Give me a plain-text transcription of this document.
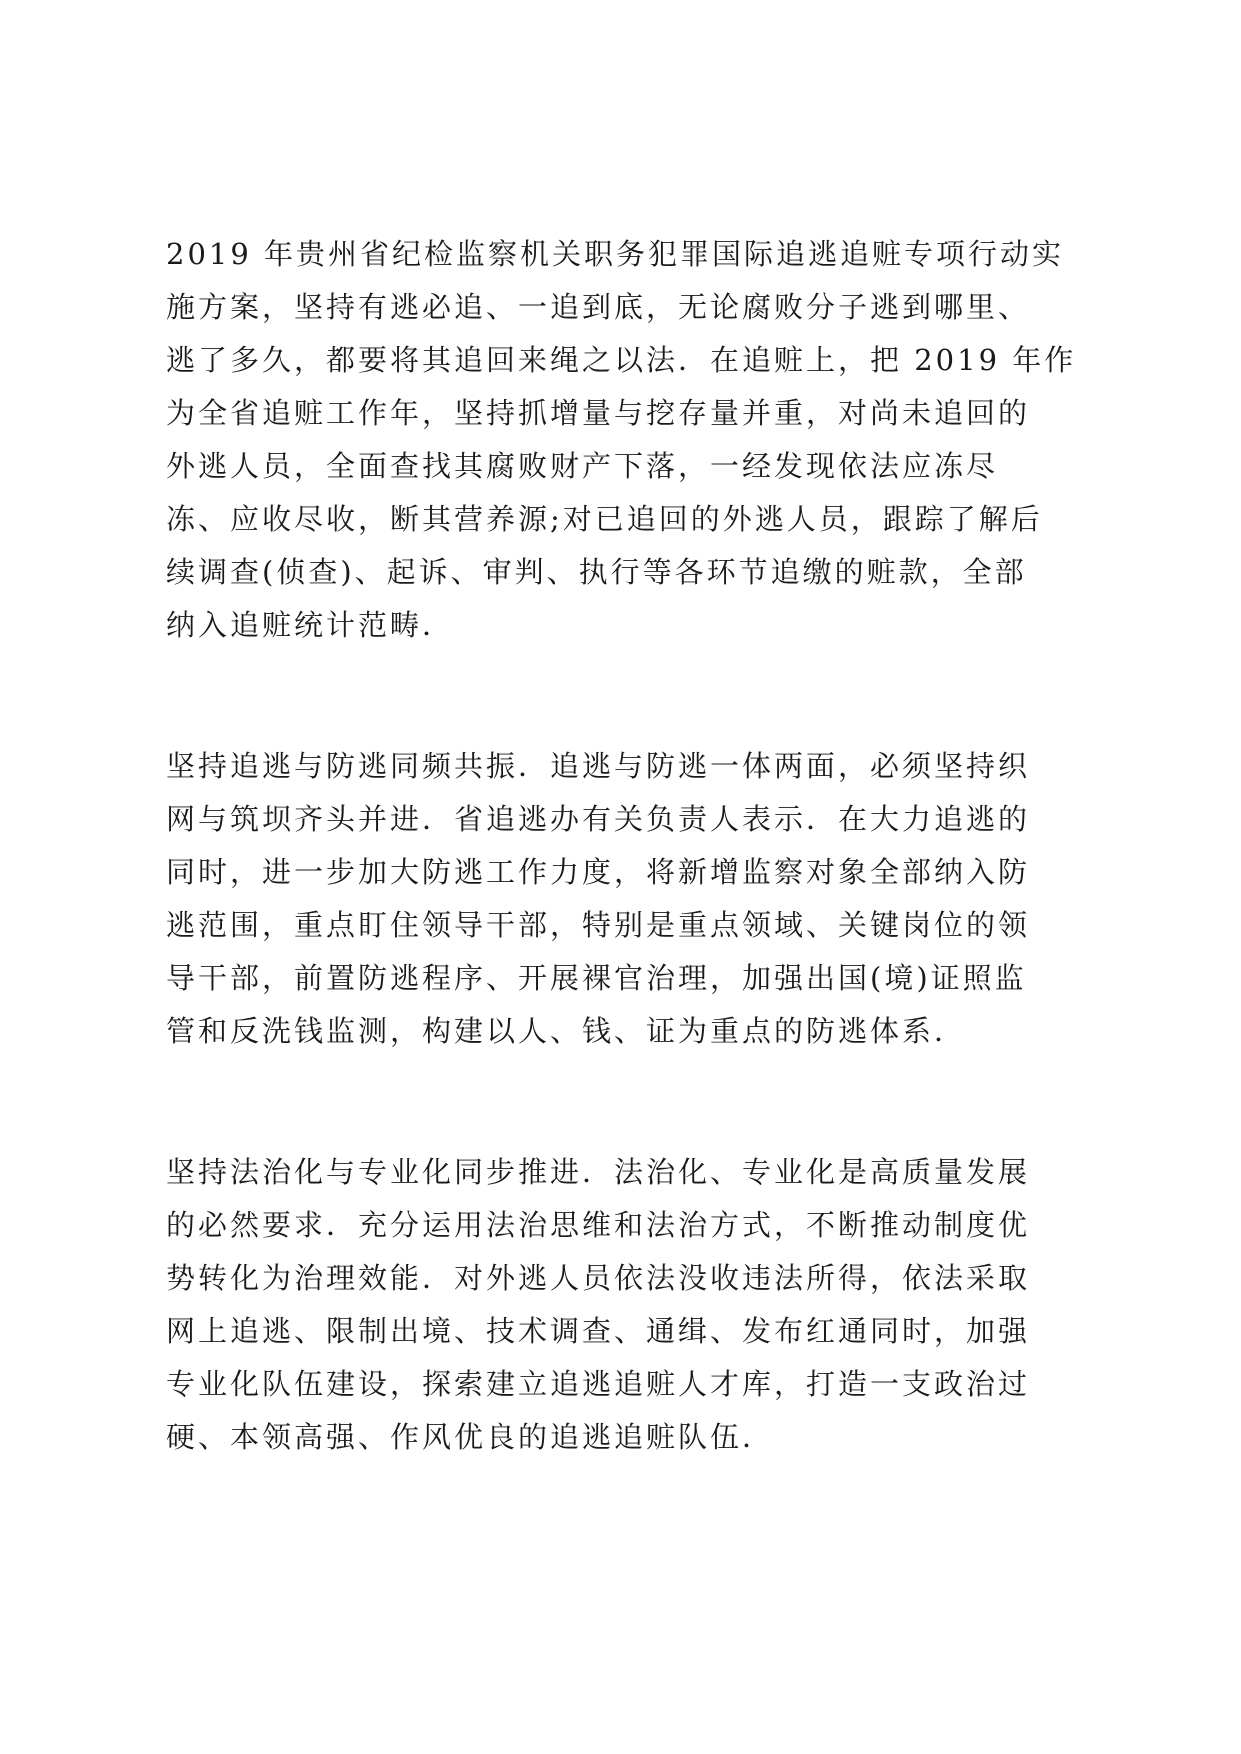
2019 年贵州省纪检监察机关职务犯罪国际追逃追赃专项行动实
施方案，坚持有逃必追、一追到底，无论腐败分子逃到哪里、
逃了多久，都要将其追回来绳之以法．在追赃上，把 2019 年作
为全省追赃工作年，坚持抓增量与挖存量并重，对尚未追回的
外逃人员，全面查找其腐败财产下落，一经发现依法应冻尽
冻、应收尽收，断其营养源;对已追回的外逃人员，跟踪了解后
续调查(侦查)、起诉、审判、执行等各环节追缴的赃款，全部
纳入追赃统计范畴．
坚持追逃与防逃同频共振．追逃与防逃一体两面，必须坚持织
网与筑坝齐头并进．省追逃办有关负责人表示．在大力追逃的
同时，进一步加大防逃工作力度，将新增监察对象全部纳入防
逃范围，重点盯住领导干部，特别是重点领域、关键岗位的领
导干部，前置防逃程序、开展裸官治理，加强出国(境)证照监
管和反洗钱监测，构建以人、钱、证为重点的防逃体系．
坚持法治化与专业化同步推进．法治化、专业化是高质量发展
的必然要求．充分运用法治思维和法治方式，不断推动制度优
势转化为治理效能．对外逃人员依法没收违法所得，依法采取
网上追逃、限制出境、技术调查、通缉、发布红通同时，加强
专业化队伍建设，探索建立追逃追赃人才库，打造一支政治过
硬、本领高强、作风优良的追逃追赃队伍．
